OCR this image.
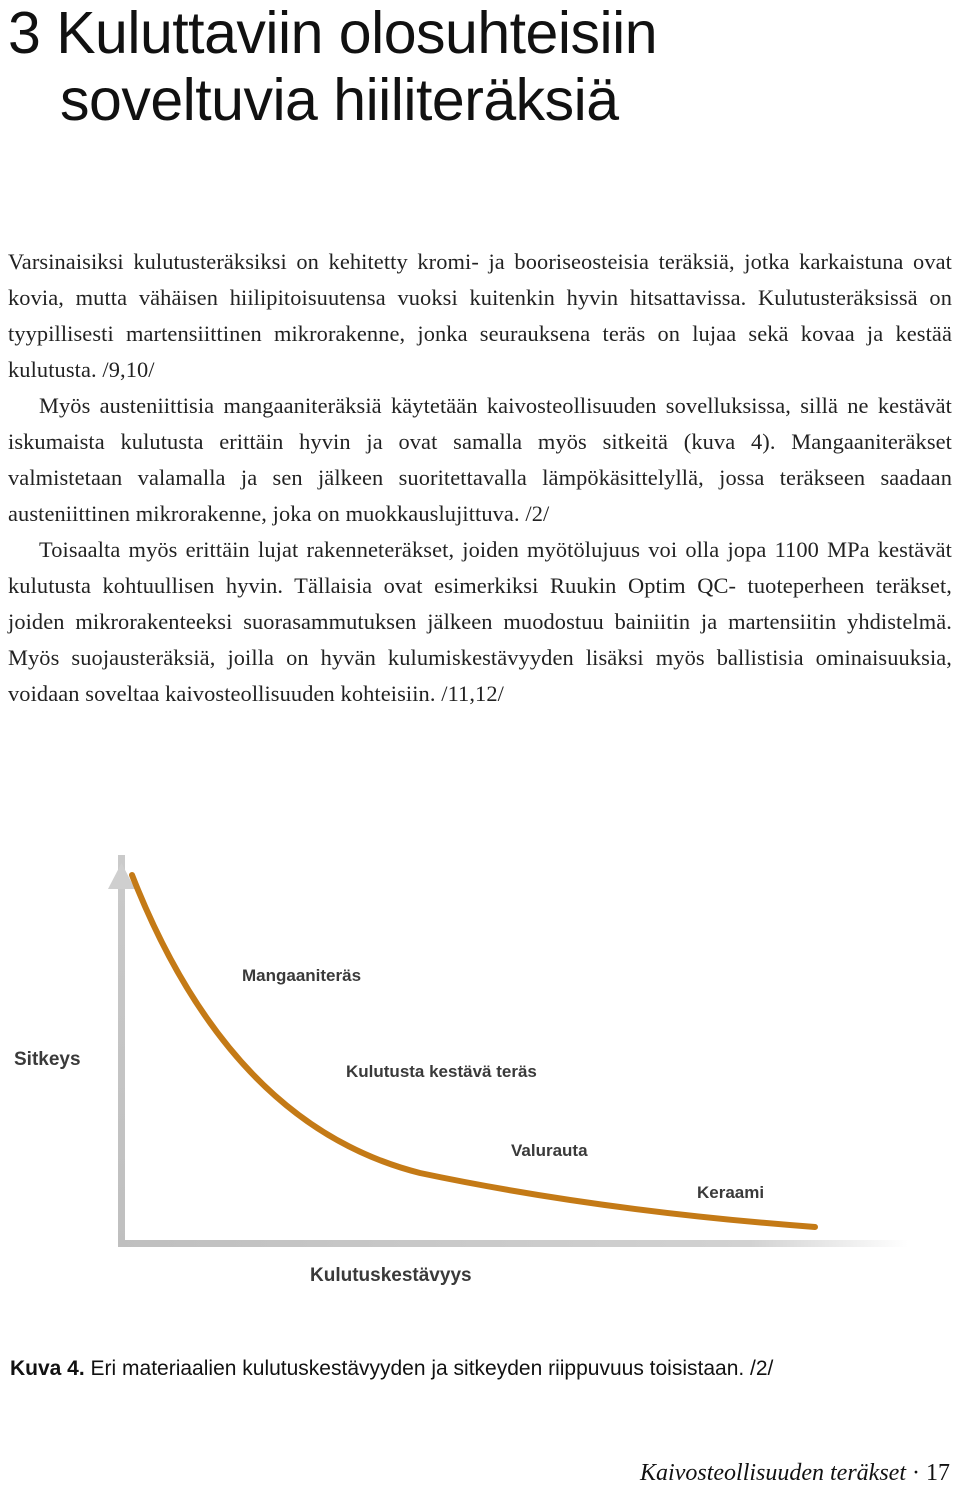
3 Kuluttaviin olosuhteisiin
soveltuvia hiiliteräksiä

Varsinaisiksi kulutusteräksiksi on kehitetty kromi- ja booriseosteisia teräksiä, jotka karkaistuna ovat kovia, mutta vähäisen hiilipitoisuutensa vuoksi kuitenkin hyvin hitsattavissa. Kulutusteräksissä on tyypillisesti martensiittinen mikrorakenne, jonka seurauksena teräs on lujaa sekä kovaa ja kestää kulutusta. /9,10/

Myös austeniittisia mangaaniteräksiä käytetään kaivosteollisuuden sovelluksissa, sillä ne kestävät iskumaista kulutusta erittäin hyvin ja ovat samalla myös sitkeitä (kuva 4). Mangaaniteräkset valmistetaan valamalla ja sen jälkeen suoritettavalla lämpökäsittelyllä, jossa teräkseen saadaan austeniittinen mikrorakenne, joka on muokkauslujittuva. /2/

Toisaalta myös erittäin lujat rakenneteräkset, joiden myötölujuus voi olla jopa 1100 MPa kestävät kulutusta kohtuullisen hyvin. Tällaisia ovat esimerkiksi Ruukin Optim QC- tuoteperheen teräkset, joiden mikrorakenteeksi suorasammutuksen jälkeen muodostuu bainiitin ja martensiitin yhdistelmä. Myös suojausteräksiä, joilla on hyvän kulumiskestävyyden lisäksi myös ballistisia ominaisuuksia, voidaan soveltaa kaivosteollisuuden kohteisiin. /11,12/

Sitkeys
Mangaaniteräs
Kulutusta kestävä teräs
Valurauta
Keraami
Kulutuskestävyys
Kuva 4. Eri materiaalien kulutuskestävyyden ja sitkeyden riippuvuus toisistaan. /2/
Kaivosteollisuuden teräkset · 17
